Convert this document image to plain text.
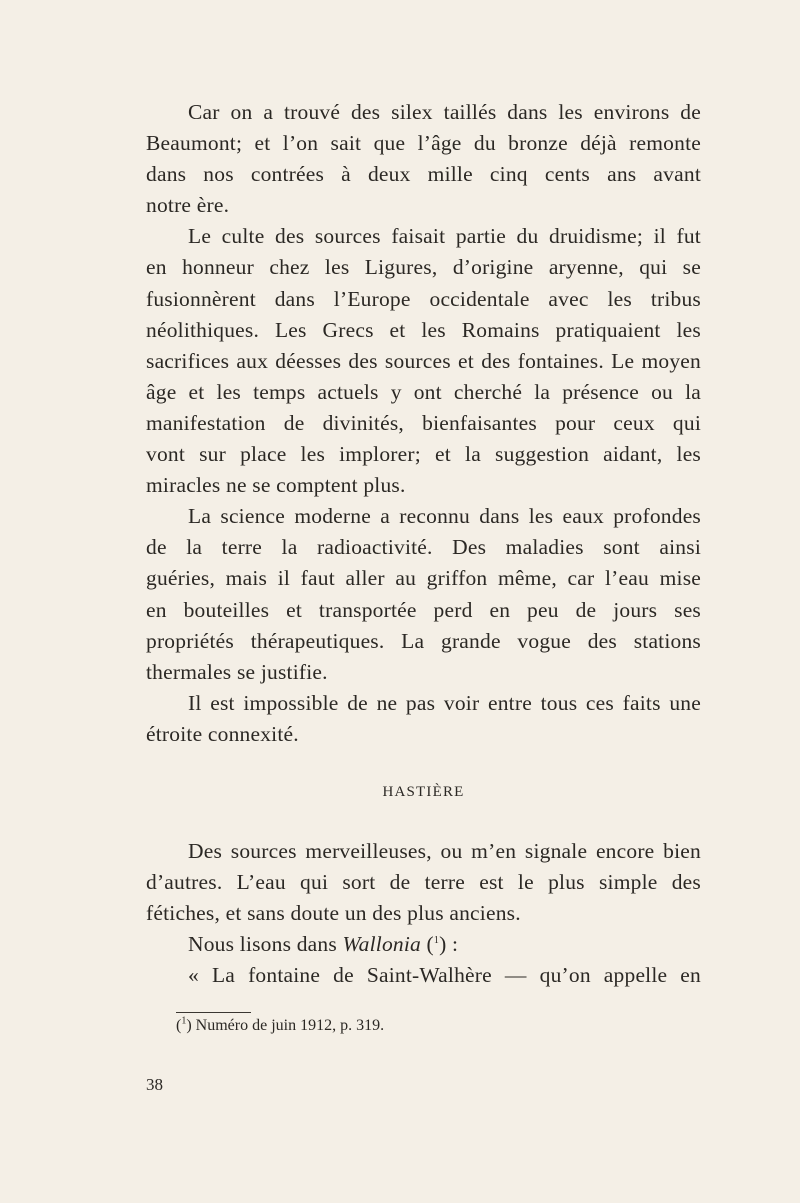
Car on a trouvé des silex taillés dans les environs de
Beaumont; et l’on sait que l’âge du bronze déjà remonte
dans nos contrées à deux mille cinq cents ans avant
notre ère.
Le culte des sources faisait partie du druidisme; il fut
en honneur chez les Ligures, d’origine aryenne, qui se
fusionnèrent dans l’Europe occidentale avec les tribus
néolithiques. Les Grecs et les Romains pratiquaient les
sacrifices aux déesses des sources et des fontaines. Le moyen
âge et les temps actuels y ont cherché la présence ou la
manifestation de divinités, bienfaisantes pour ceux qui
vont sur place les implorer; et la suggestion aidant, les
miracles ne se comptent plus.
La science moderne a reconnu dans les eaux profondes
de la terre la radioactivité. Des maladies sont ainsi
guéries, mais il faut aller au griffon même, car l’eau mise
en bouteilles et transportée perd en peu de jours ses
propriétés thérapeutiques. La grande vogue des stations
thermales se justifie.
Il est impossible de ne pas voir entre tous ces faits une
étroite connexité.
HASTIÈRE
Des sources merveilleuses, ou m’en signale encore bien
d’autres. L’eau qui sort de terre est le plus simple des
fétiches, et sans doute un des plus anciens.
Nous lisons dans Wallonia ($^1$) :
« La fontaine de Saint-Walhère — qu’on appelle en
($^1$) Numéro de juin 1912, p. 319.
38
